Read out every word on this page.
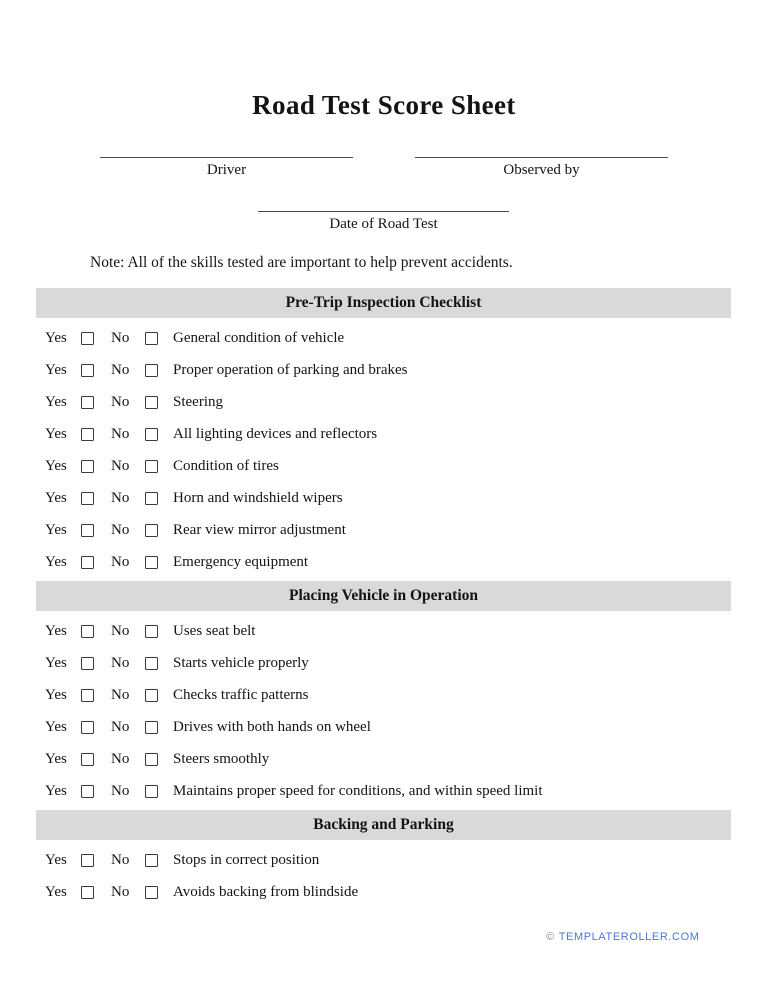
Road Test Score Sheet
Driver	Observed by
Date of Road Test

Note: All of the skills tested are important to help prevent accidents.

Pre-Trip Inspection Checklist
Yes	No	General condition of vehicle
Yes	No	Proper operation of parking and brakes
Yes	No	Steering
Yes	No	All lighting devices and reflectors
Yes	No	Condition of tires
Yes	No	Horn and windshield wipers
Yes	No	Rear view mirror adjustment
Yes	No	Emergency equipment
Placing Vehicle in Operation
Yes	No	Uses seat belt
Yes	No	Starts vehicle properly
Yes	No	Checks traffic patterns
Yes	No	Drives with both hands on wheel
Yes	No	Steers smoothly
Yes	No	Maintains proper speed for conditions, and within speed limit
Backing and Parking
Yes	No	Stops in correct position
Yes	No	Avoids backing from blindside
© TEMPLATEROLLER.COM
